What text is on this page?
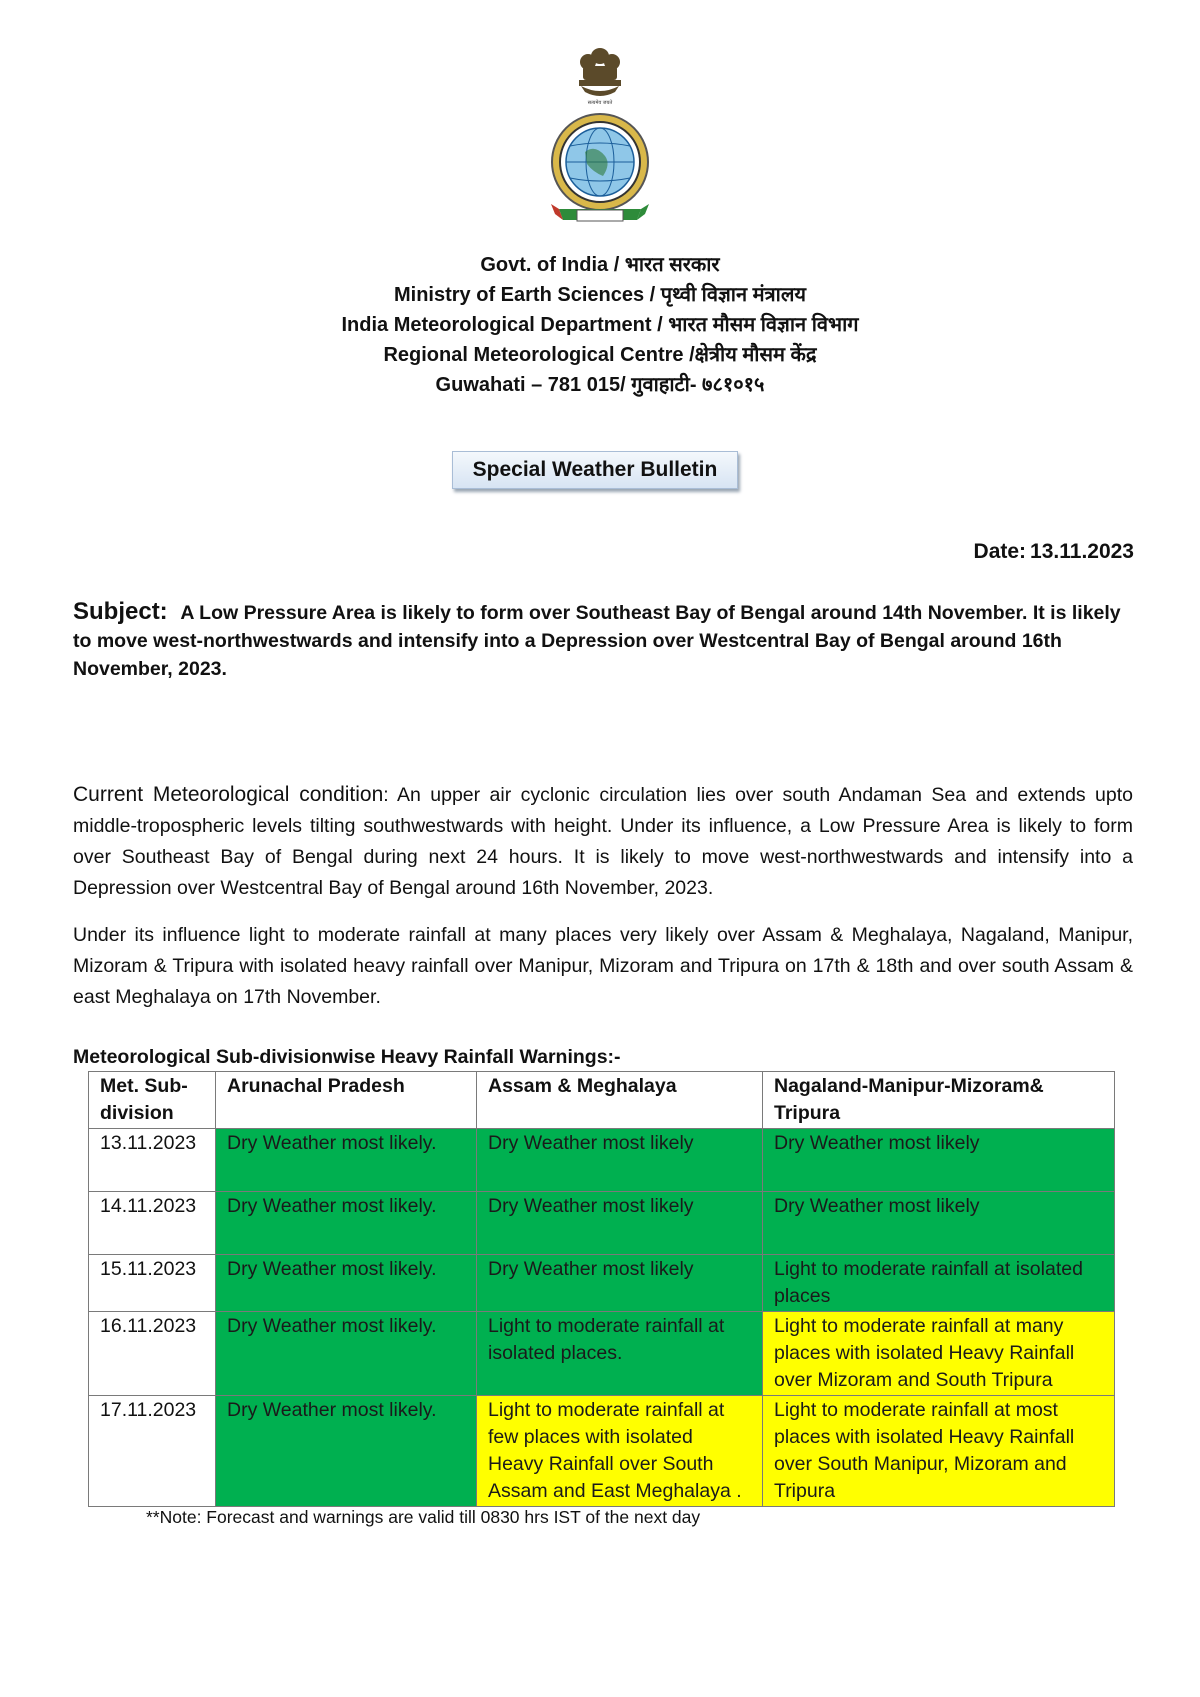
सत्यमेव जयते
Govt. of India / भारत सरकार
Ministry of Earth Sciences / पृथ्वी विज्ञान मंत्रालय
India Meteorological Department / भारत मौसम विज्ञान विभाग
Regional Meteorological Centre /क्षेत्रीय मौसम केंद्र
Guwahati – 781 015/ गुवाहाटी- ७८१०१५
Special Weather Bulletin
Date: 13.11.2023
Subject: A Low Pressure Area is likely to form over Southeast Bay of Bengal around 14th November. It is likely to move west-northwestwards and intensify into a Depression over Westcentral Bay of Bengal around 16th November, 2023.
Current Meteorological condition: An upper air cyclonic circulation lies over south Andaman Sea and extends upto middle-tropospheric levels tilting southwestwards with height. Under its influence, a Low Pressure Area is likely to form over Southeast Bay of Bengal during next 24 hours. It is likely to move west-northwestwards and intensify into a Depression over Westcentral Bay of Bengal around 16th November, 2023.
Under its influence light to moderate rainfall at many places very likely over Assam & Meghalaya, Nagaland, Manipur, Mizoram & Tripura with isolated heavy rainfall over Manipur, Mizoram and Tripura on 17th & 18th and over south Assam & east Meghalaya on 17th November.
Meteorological Sub-divisionwise Heavy Rainfall Warnings:-
Met. Sub-division	Arunachal Pradesh	Assam & Meghalaya	Nagaland-Manipur-Mizoram& Tripura
13.11.2023	Dry Weather most likely.	Dry Weather most likely	Dry Weather most likely
14.11.2023	Dry Weather most likely.	Dry Weather most likely	Dry Weather most likely
15.11.2023	Dry Weather most likely.	Dry Weather most likely	Light to moderate rainfall at isolated places
16.11.2023	Dry Weather most likely.	Light to moderate rainfall at isolated places.	Light to moderate rainfall at many places with isolated Heavy Rainfall over Mizoram and South Tripura
17.11.2023	Dry Weather most likely.	Light to moderate rainfall at few places with isolated Heavy Rainfall over South Assam and East Meghalaya .	Light to moderate rainfall at most places with isolated Heavy Rainfall over South Manipur, Mizoram and Tripura
**Note: Forecast and warnings are valid till 0830 hrs IST of the next day
